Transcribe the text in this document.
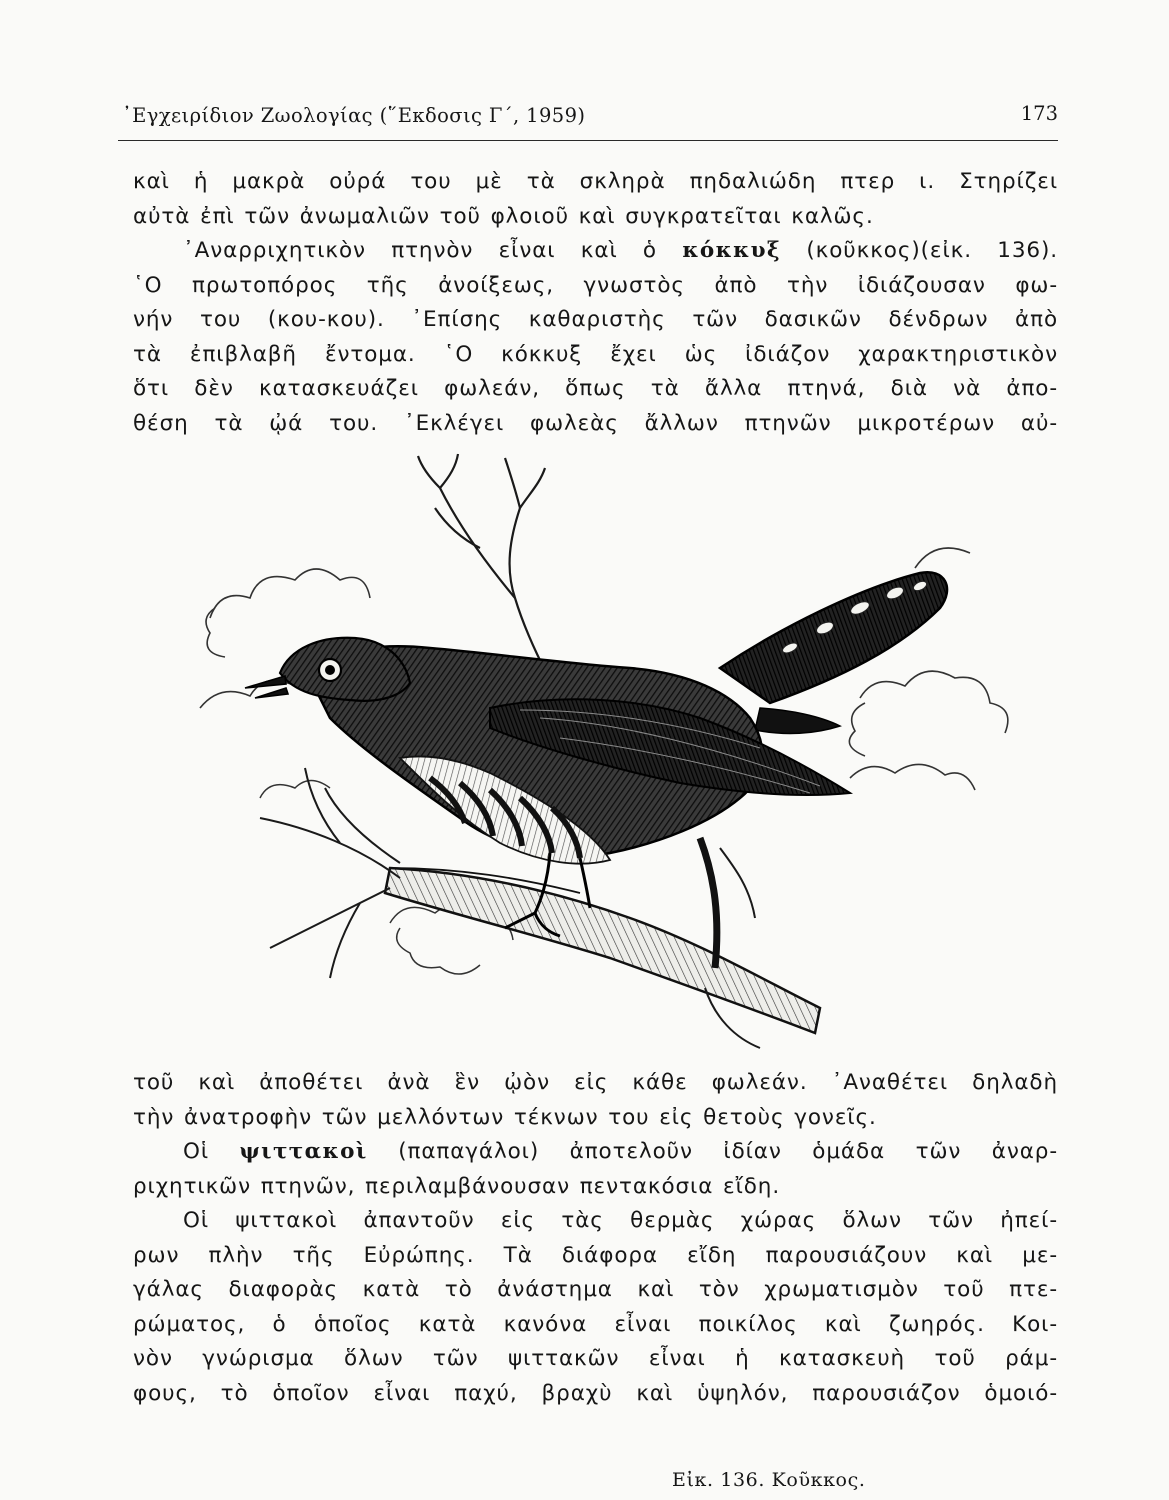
᾿Εγχειρίδιον Ζωολογίας (῞Εκδοσις Γ΄, 1959)	173
καὶ ἡ μακρὰ οὐρά του μὲ τὰ σκληρὰ πηδαλιώδη πτερ ι. Στηρίζει
αὐτὰ ἐπὶ τῶν ἀνωμαλιῶν τοῦ φλοιοῦ καὶ συγκρατεῖται καλῶς.
᾿Αναρριχητικὸν πτηνὸν εἶναι καὶ ὁ κόκκυξ (κοῦκκος)(εἰκ. 136).
῾Ο πρωτοπόρος τῆς ἀνοίξεως, γνωστὸς ἀπὸ τὴν ἰδιάζουσαν φω-
νήν του (κου-κου). ᾿Επίσης καθαριστὴς τῶν δασικῶν δένδρων ἀπὸ
τὰ ἐπιβλαβῆ ἔντομα. ῾Ο κόκκυξ ἔχει ὡς ἰδιάζον χαρακτηριστικὸν
ὅτι δὲν κατασκευάζει φωλεάν, ὅπως τὰ ἄλλα πτηνά, διὰ νὰ ἀπο-
θέση τὰ ᾠά του. ᾿Εκλέγει φωλεὰς ἄλλων πτηνῶν μικροτέρων αὐ-
Εἰκ. 136. Κοῦκκος.
τοῦ καὶ ἀποθέτει ἀνὰ ἓν ᾠὸν εἰς κάθε φωλεάν. ᾿Αναθέτει δηλαδὴ
τὴν ἀνατροφὴν τῶν μελλόντων τέκνων του εἰς θετοὺς γονεῖς.
Οἱ ψιττακοὶ (παπαγάλοι) ἀποτελοῦν ἰδίαν ὁμάδα τῶν ἀναρ-
ριχητικῶν πτηνῶν, περιλαμβάνουσαν πεντακόσια εἴδη.
Οἱ ψιττακοὶ ἀπαντοῦν εἰς τὰς θερμὰς χώρας ὅλων τῶν ἠπεί-
ρων πλὴν τῆς Εὐρώπης. Τὰ διάφορα εἴδη παρουσιάζουν καὶ με-
γάλας διαφορὰς κατὰ τὸ ἀνάστημα καὶ τὸν χρωματισμὸν τοῦ πτε-
ρώματος, ὁ ὁποῖος κατὰ κανόνα εἶναι ποικίλος καὶ ζωηρός. Κοι-
νὸν γνώρισμα ὅλων τῶν ψιττακῶν εἶναι ἡ κατασκευὴ τοῦ ράμ-
φους, τὸ ὁποῖον εἶναι παχύ, βραχὺ καὶ ὑψηλόν, παρουσιάζον ὁμοιό-
